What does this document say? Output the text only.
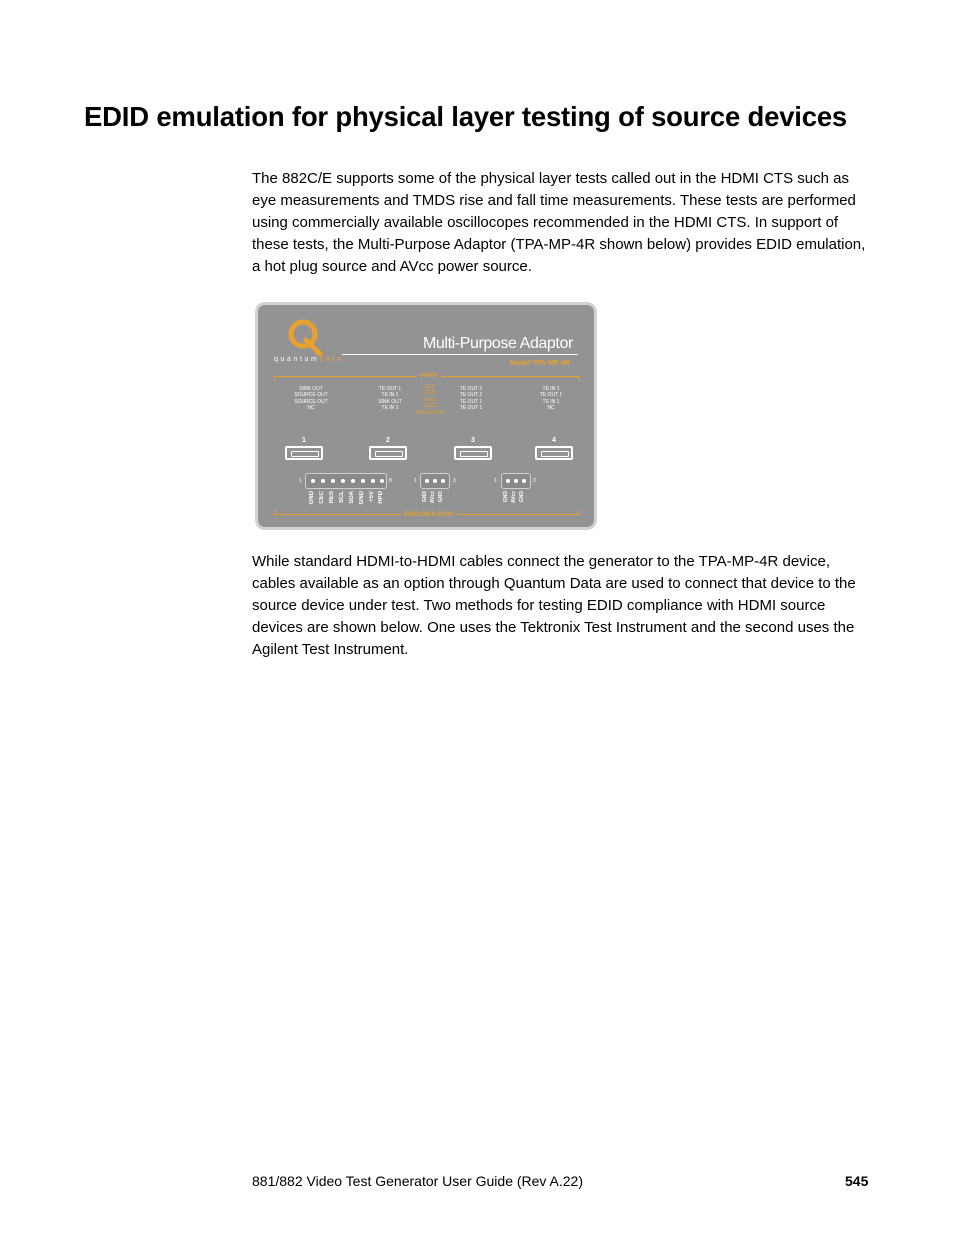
EDID emulation for physical layer testing of source devices

The 882C/E supports some of the physical layer tests called out in the HDMI CTS such as eye measurements and TMDS rise and fall time measurements. These tests are performed using commercially available oscillocopes recommended in the HDMI CTS. In support of these tests, the Multi-Purpose Adaptor (TPA-MP-4R shown below) provides EDID emulation, a hot plug source and AVcc power source.

quantumdata
Multi-Purpose Adaptor
Model TPA-MP-4R
PORTS
SINK OUT
SOURCE OUT
SOURCE OUT
NC
TE OUT 1
TE IN 1
SINK OUT
TE IN 1
CEC
DDC
AVcc
EDID
EMULATOR
TE OUT 2
TE OUT 2
TE OUT 1
TE OUT 1
TE IN 1
TE OUT 1
TE IN 1
NC
1	2	3	4
1	8
GND CEC RES SCL SDA GND +5V HPD
1	3
GND AVcc GND
1	3
GND AVcc GND
EDID EMULATOR

While standard HDMI-to-HDMI cables connect the generator to the TPA-MP-4R device, cables available as an option through Quantum Data are used to connect that device to the source device under test. Two methods for testing EDID compliance with HDMI source devices are shown below. One uses the Tektronix Test Instrument and the second uses the Agilent Test Instrument.

881/882 Video Test Generator User Guide (Rev A.22)	545
